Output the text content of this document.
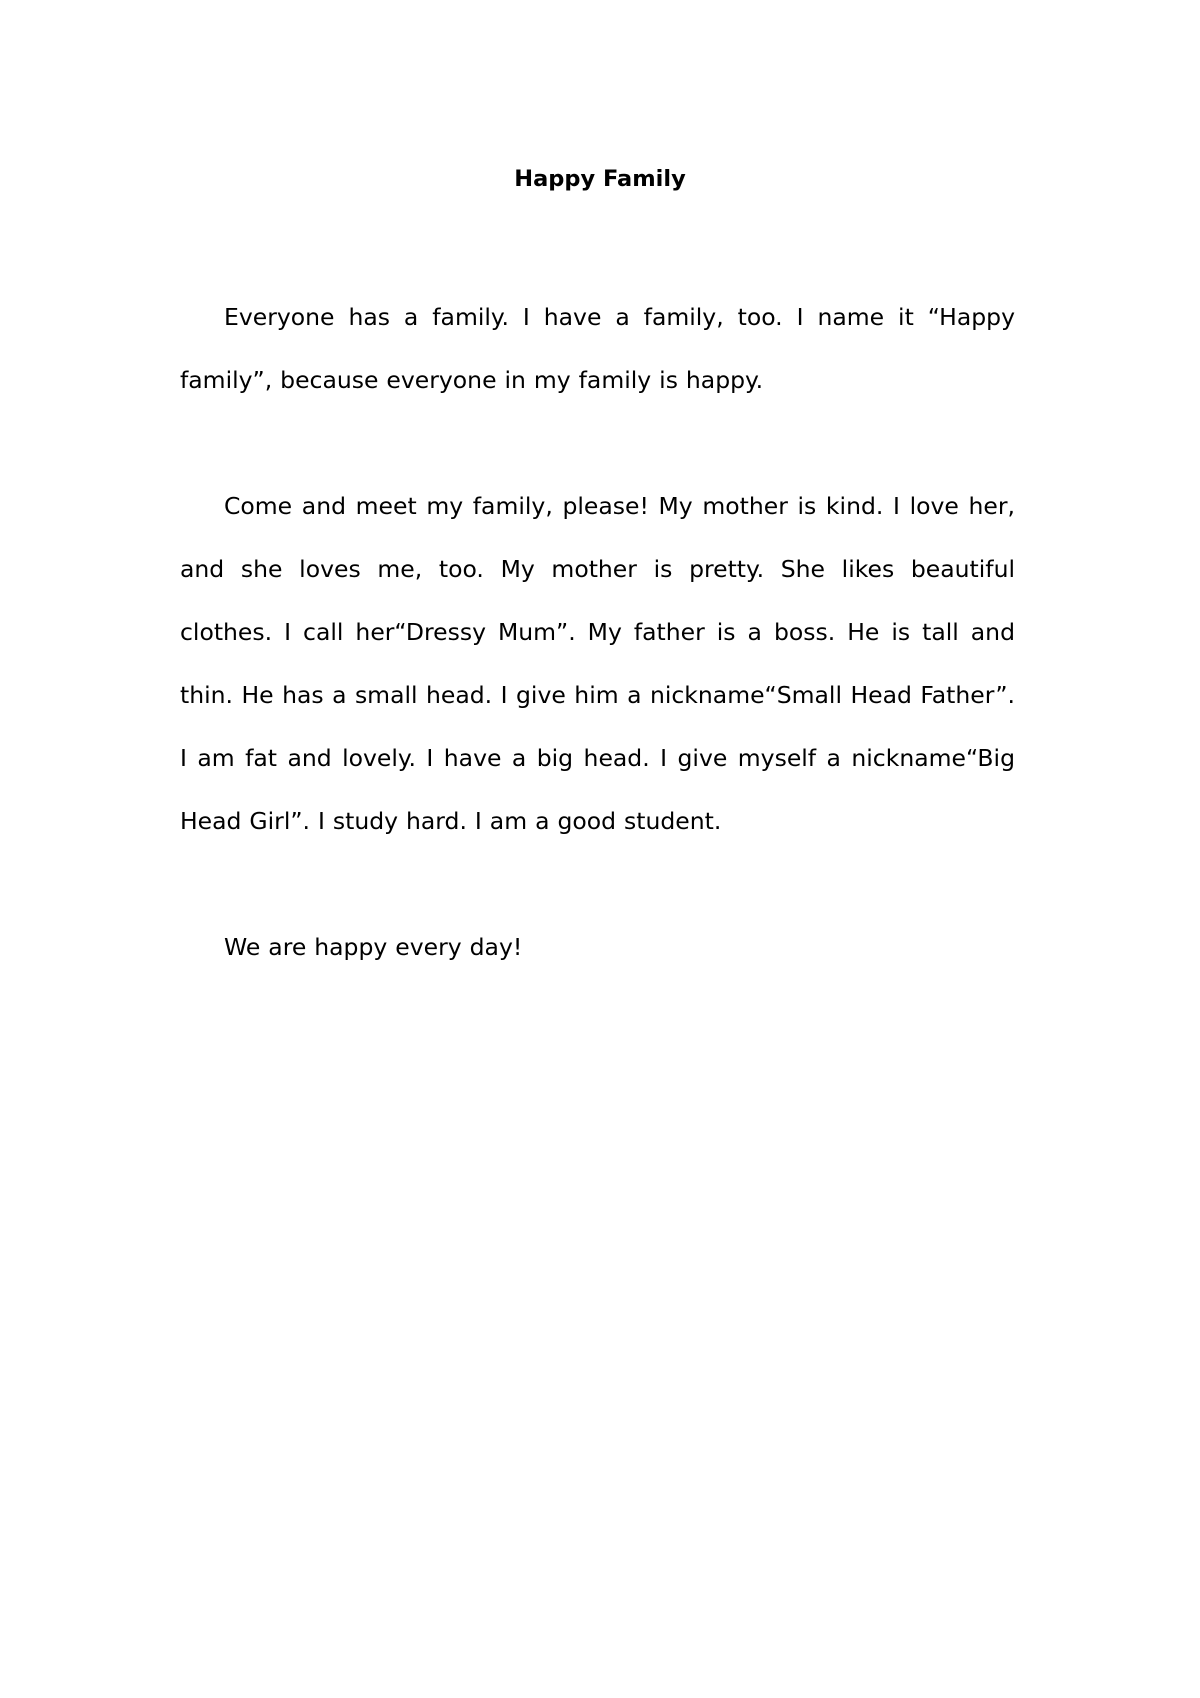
Happy Family

Everyone has a family. I have a family, too. I name it “Happy family”, because everyone in my family is happy.

Come and meet my family, please! My mother is kind. I love her, and she loves me, too. My mother is pretty. She likes beautiful clothes. I call her“Dressy Mum”. My father is a boss. He is tall and thin. He has a small head. I give him a nickname“Small Head Father”. I am fat and lovely. I have a big head. I give myself a nickname“Big Head Girl”. I study hard. I am a good student.

We are happy every day!
